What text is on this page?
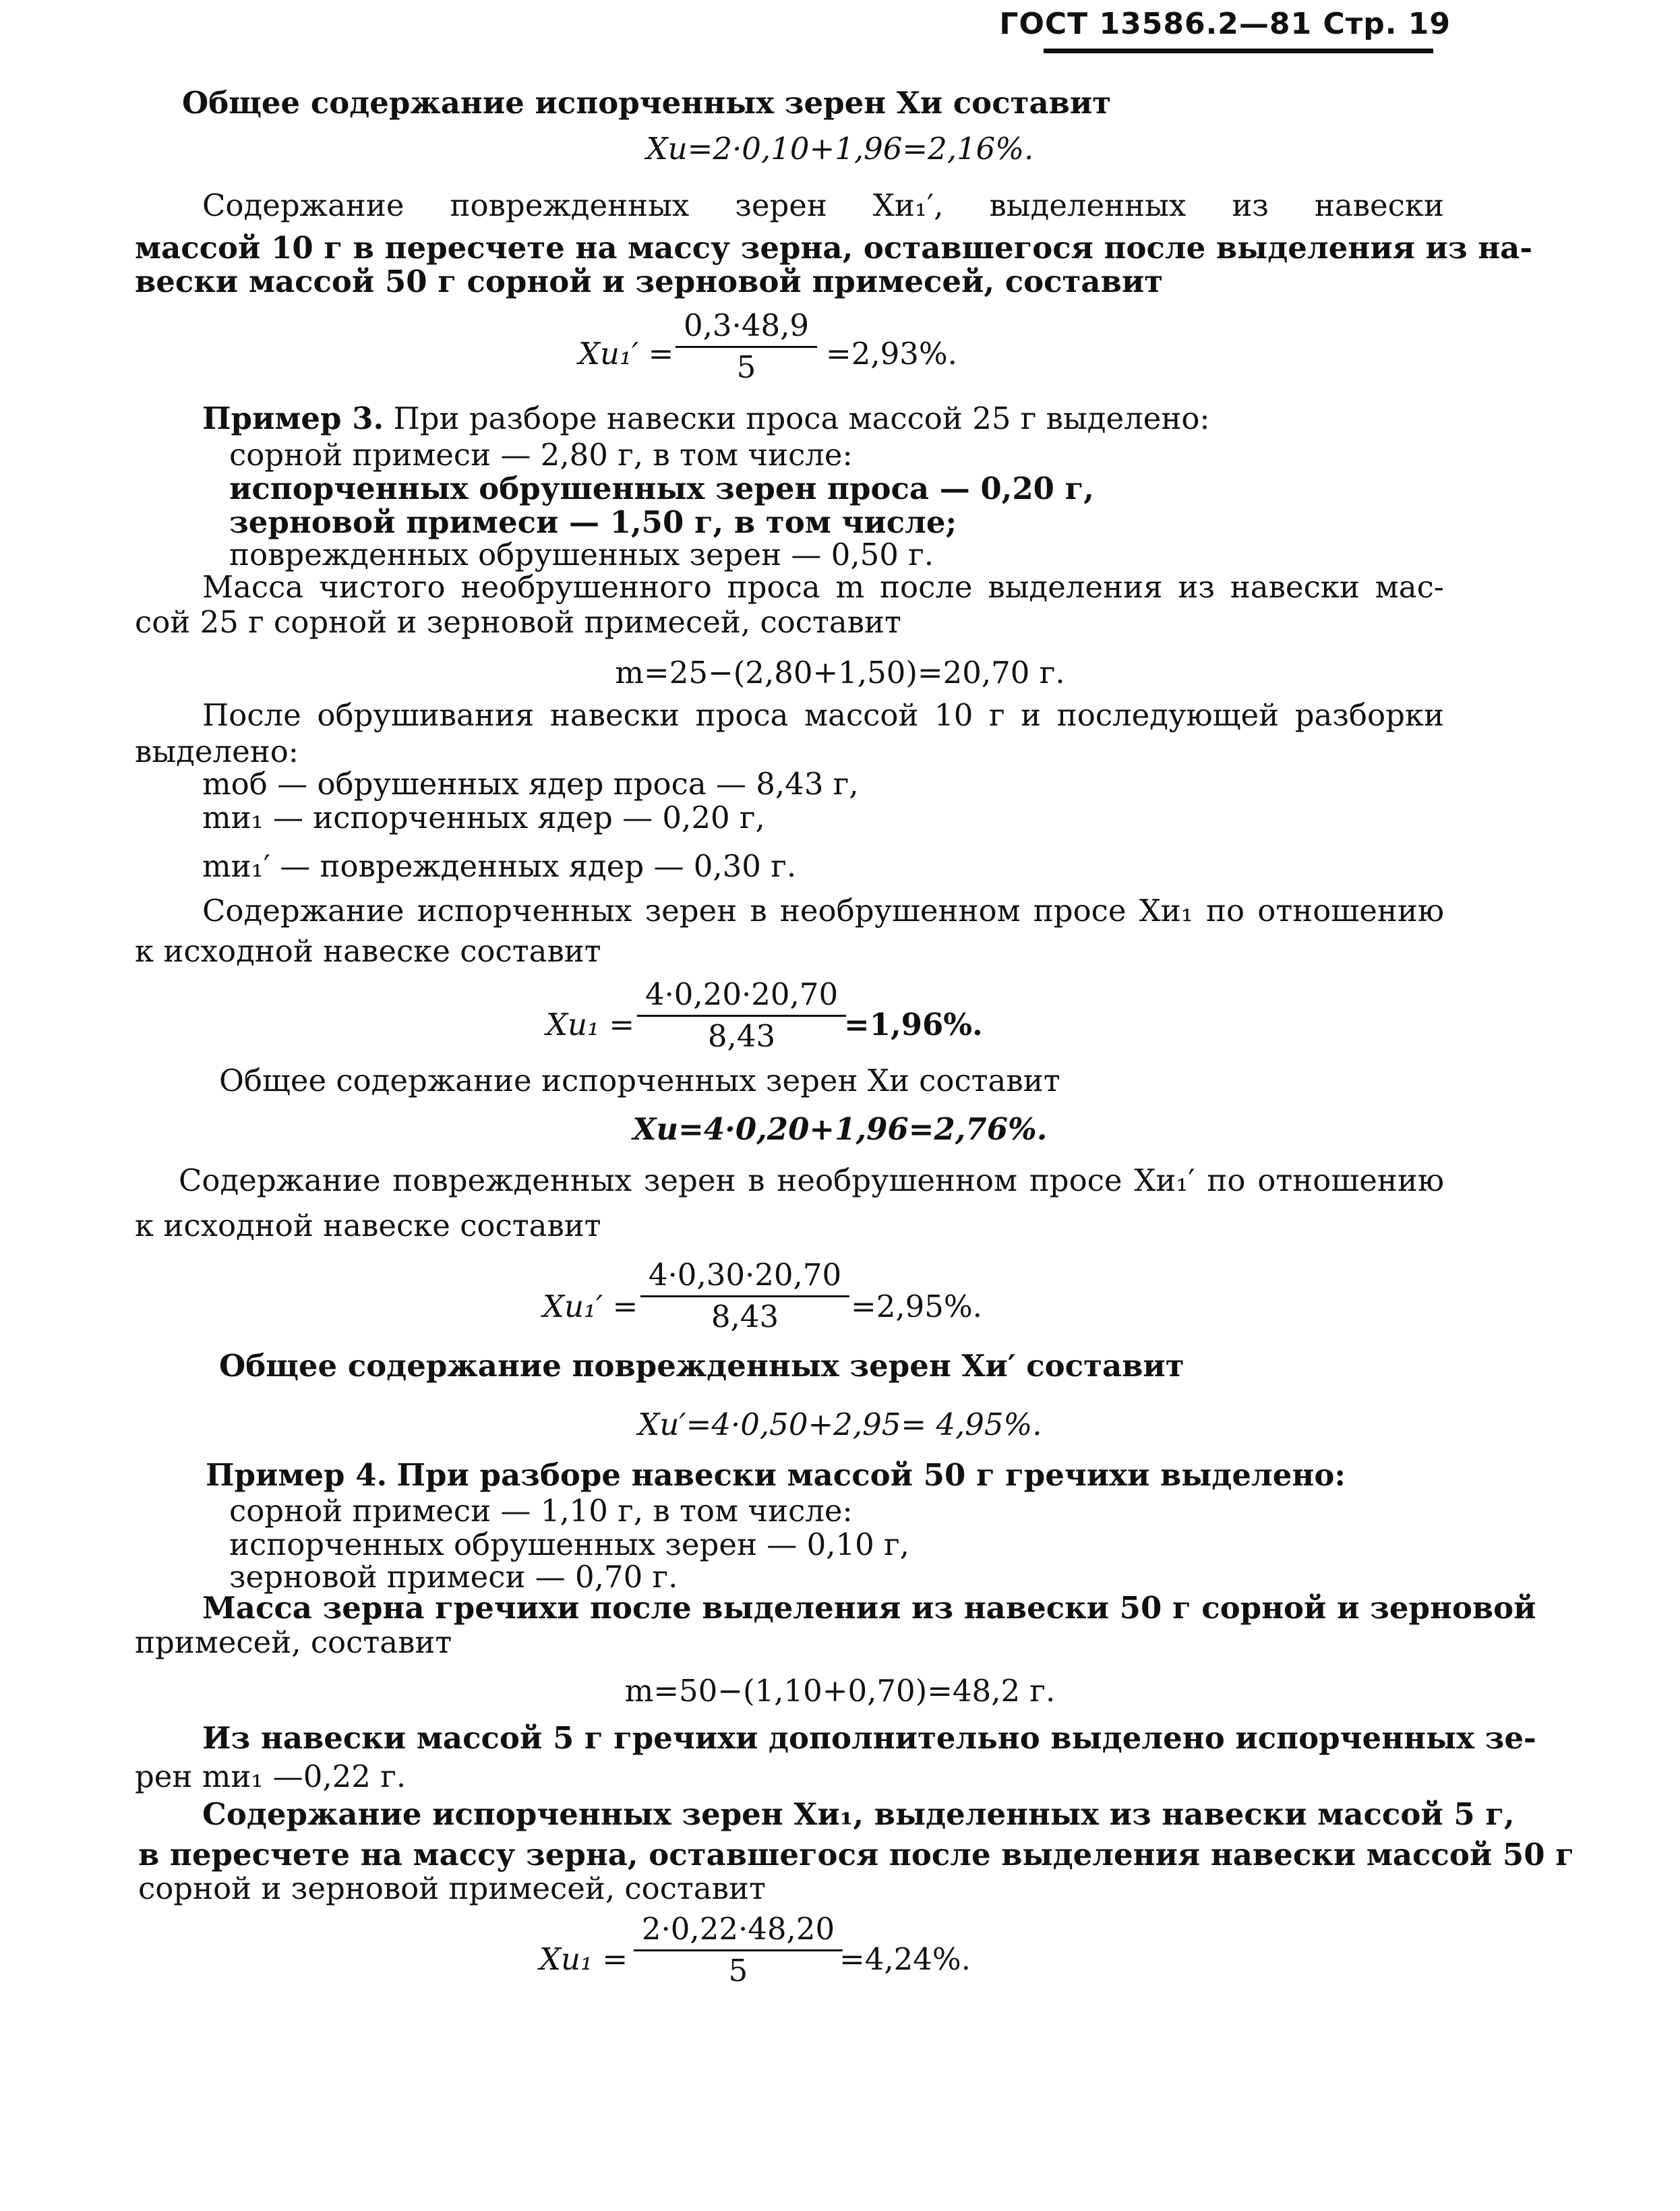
ГОСТ 13586.2—81 Стр. 19
Общее содержание испорченных зерен Xи составит
Xи=2·0,10+1,96=2,16%.
Содержание поврежденных зерен Xи₁′, выделенных из навески
массой 10 г в пересчете на массу зерна, оставшегося после выделения из на-
вески массой 50 г сорной и зерновой примесей, составит
$Xи_1' = \frac{0,3\cdot 48,9}{5} =2,93\%$.
Пример 3. При разборе навески проса массой 25 г выделено:
сорной примеси — 2,80 г, в том числе:
испорченных обрушенных зерен проса — 0,20 г,
зерновой примеси — 1,50 г, в том числе;
поврежденных обрушенных зерен — 0,50 г.
Масса чистого необрушенного проса m после выделения из навески мас-
сой 25 г сорной и зерновой примесей, составит
m=25−(2,80+1,50)=20,70 г.
После обрушивания навески проса массой 10 г и последующей разборки
выделено:
mоб — обрушенных ядер проса — 8,43 г,
mи₁ — испорченных ядер — 0,20 г,
mи₁′ — поврежденных ядер — 0,30 г.
Содержание испорченных зерен в необрушенном просе Xи₁ по отношению
к исходной навеске составит
$Xи_1 = \frac{4\cdot 0,20\cdot 20,70}{8,43}$
=1,96%.
Общее содержание испорченных зерен Xи составит
Xи=4·0,20+1,96=2,76%.
Содержание поврежденных зерен в необрушенном просе Xи₁′ по отношению
к исходной навеске составит
$Xи_1' = \frac{4\cdot 0,30\cdot 20,70}{8,43} =2,95\%$.
Общее содержание поврежденных зерен Xи′ составит
Xи′=4·0,50+2,95= 4,95%.
Пример 4. При разборе навески массой 50 г гречихи выделено:
сорной примеси — 1,10 г, в том числе:
испорченных обрушенных зерен — 0,10 г,
зерновой примеси — 0,70 г.
Масса зерна гречихи после выделения из навески 50 г сорной и зерновой
примесей, составит
m=50−(1,10+0,70)=48,2 г.
Из навески массой 5 г гречихи дополнительно выделено испорченных зе-
рен mи₁ —0,22 г.
Содержание испорченных зерен Xи₁, выделенных из навески массой 5 г,
в пересчете на массу зерна, оставшегося после выделения навески массой 50 г
сорной и зерновой примесей, составит
$Xи_1 = \frac{2\cdot 0,22\cdot 48,20}{5}$
=4,24%.
